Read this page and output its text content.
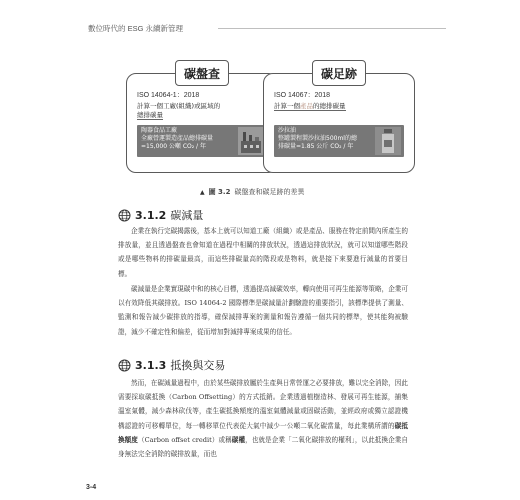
數位時代的 ESG 永續新管理
碳盤查
ISO 14064-1：2018
計算一個工廠(組織)或區域的
總排碳量
陶器食品工廠
全廠營運製造產品總排碳量
=15,000 公噸 CO₂ / 年
碳足跡
ISO 14067：2018
計算一個產品的總排碳量
沙拉油
整罐製程製沙拉油500ml的總
排碳量=1.85 公斤 CO₂ / 年
▲ 圖 3.2 碳盤查和碳足跡的差異
3.1.2 碳減量

企業在執行完碳揭露後，基本上就可以知道工廠（組織）或是產品、服務在特定前間內所產生的排放量，並且透過盤查也會知道在過程中相關的排放狀況，透過這排放狀況，就可以知道哪些階段或是哪些物料的排碳量最高，而這些排碳量高的階段或是物料，就是接下來要進行減量的首要目標。

碳減量是企業實現碳中和的核心目標，透過提高減碳效率，轉向使用可再生能源等策略，企業可以有效降低其碳排放。ISO 14064-2 國際標準是碳減量計劃驗證的重要指引，該標準提供了測量、監測和報告減少碳排放的指導，確保減排專案的測量和報告遵循一個共同的標準，使其能夠被驗證，減少不確定性和偏差，從而增加對減排專案成果的信任。

3.1.3 抵換與交易

然而，在碳減量過程中，由於某些碳排放屬於生產與日常營運之必要排放，難以完全消除，因此需要採取碳抵換（Carbon Offsetting）的方式抵銷。企業透過植樹造林、發展可再生能源，捕集溫室氣體，減少森林砍伐等，產生碳抵換額度的溫室氣體減量或固碳活動，並經政府或獨立認證機構認證的可移轉單位，每一轉移單位代表從大氣中減少一公噸二氧化碳當量，每此業構所謂的碳抵換額度（Carbon offset credit）或稱碳權，也就是企業「二氧化碳排放的權利」，以此抵換企業自身無法完全消除的碳排放量，而也

3-4
